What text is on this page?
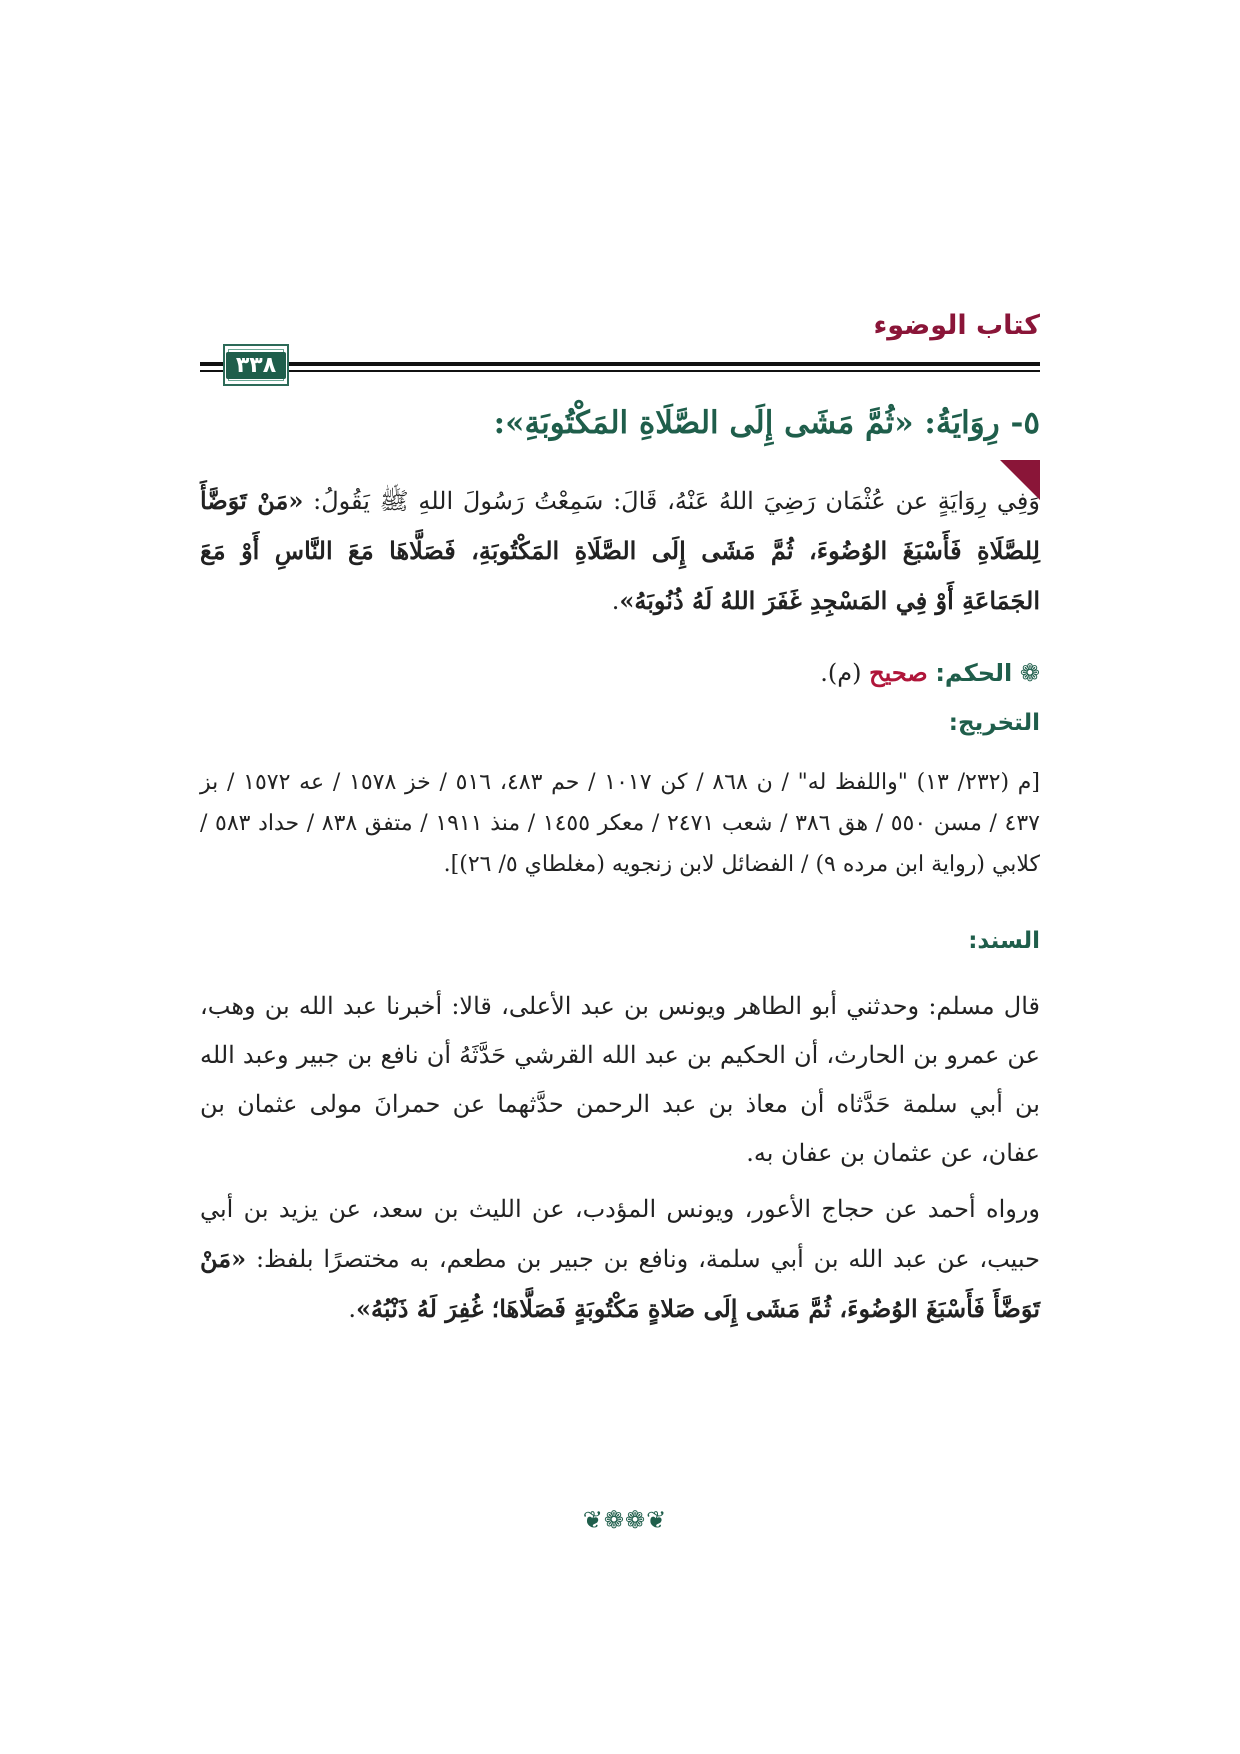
كتاب الوضوء
٣٣٨
٥- رِوَايَةُ: «ثُمَّ مَشَى إِلَى الصَّلَاةِ المَكْتُوبَةِ»:
وَفِي رِوَايَةٍ عن عُثْمَان رَضِيَ اللهُ عَنْهُ، قَالَ: سَمِعْتُ رَسُولَ اللهِ ﷺ يَقُولُ: «مَنْ تَوَضَّأَ لِلصَّلَاةِ فَأَسْبَغَ الوُضُوءَ، ثُمَّ مَشَى إِلَى الصَّلَاةِ المَكْتُوبَةِ، فَصَلَّاهَا مَعَ النَّاسِ أَوْ مَعَ الجَمَاعَةِ أَوْ فِي المَسْجِدِ غَفَرَ اللهُ لَهُ ذُنُوبَهُ».
❁ الحكم: صحيح (م).
التخريج:
[م (٢٣٢/ ١٣) "واللفظ له" / ن ٨٦٨ / كن ١٠١٧ / حم ٤٨٣، ٥١٦ / خز ١٥٧٨ / عه ١٥٧٢ / بز ٤٣٧ / مسن ٥٥٠ / هق ٣٨٦ / شعب ٢٤٧١ / معكر ١٤٥٥ / منذ ١٩١١ / متفق ٨٣٨ / حداد ٥٨٣ / كلابي (رواية ابن مرده ٩) / الفضائل لابن زنجويه (مغلطاي ٥/ ٢٦)].
السند:
قال مسلم: وحدثني أبو الطاهر ويونس بن عبد الأعلى، قالا: أخبرنا عبد الله بن وهب، عن عمرو بن الحارث، أن الحكيم بن عبد الله القرشي حَدَّثَهُ أن نافع بن جبير وعبد الله بن أبي سلمة حَدَّثاه أن معاذ بن عبد الرحمن حدَّثهما عن حمرانَ مولى عثمان بن عفان، عن عثمان بن عفان به.
ورواه أحمد عن حجاج الأعور، ويونس المؤدب، عن الليث بن سعد، عن يزيد بن أبي حبيب، عن عبد الله بن أبي سلمة، ونافع بن جبير بن مطعم، به مختصرًا بلفظ: «مَنْ تَوَضَّأَ فَأَسْبَغَ الوُضُوءَ، ثُمَّ مَشَى إِلَى صَلاةٍ مَكْتُوبَةٍ فَصَلَّاهَا؛ غُفِرَ لَهُ ذَنْبُهُ».
❦❁❁❦
